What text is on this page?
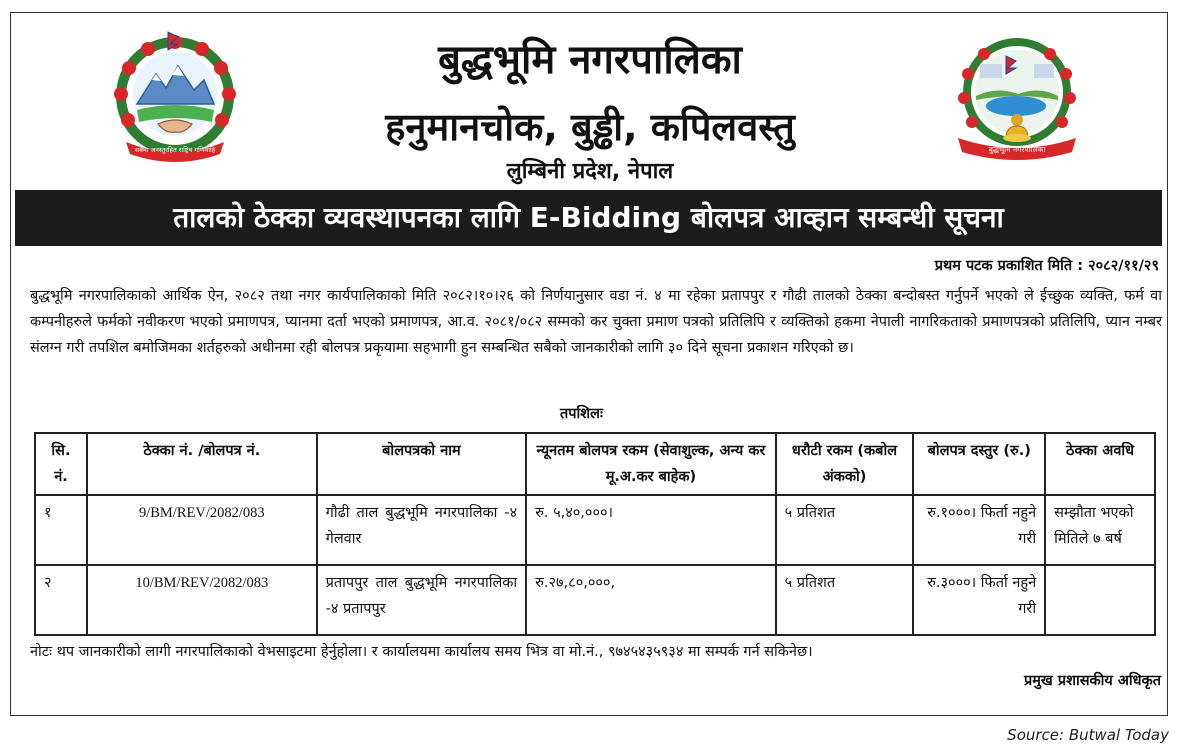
सबैमा जनस्तुरहित राष्ट्रिय गणिमाहि	बुद्धभूमि नगरपालिका
बुद्धभूमि नगरपालिका
हनुमानचोक, बुड्ढी, कपिलवस्तु
लुम्बिनी प्रदेश, नेपाल
तालको ठेक्का व्यवस्थापनका लागि E-Bidding बोलपत्र आव्हान सम्बन्धी सूचना
प्रथम पटक प्रकाशित मिति : २०८२/११/२९
बुद्धभूमि नगरपालिकाको आर्थिक ऐन, २०८२ तथा नगर कार्यपालिकाको मिति २०८२।१०।२६ को निर्णयानुसार वडा नं. ४ मा रहेका प्रतापपुर र गौढी तालको ठेक्का बन्दोबस्त गर्नुपर्ने भएको ले ईच्छुक व्यक्ति, फर्म वा कम्पनीहरुले फर्मको नवीकरण भएको प्रमाणपत्र, प्यानमा दर्ता भएको प्रमाणपत्र, आ.व. २०८१/०८२ सम्मको कर चुक्ता प्रमाण पत्रको प्रतिलिपि र व्यक्तिको हकमा नेपाली नागरिकताको प्रमाणपत्रको प्रतिलिपि, प्यान नम्बर संलग्न गरी तपशिल बमोजिमका शर्तहरुको अधीनमा रही बोलपत्र प्रकृयामा सहभागी हुन सम्बन्धित सबैको जानकारीको लागि ३० दिने सूचना प्रकाशन गरिएको छ।
तपशिलः
सि. नं.	ठेक्का नं. /बोलपत्र नं.	बोलपत्रको नाम	न्यूनतम बोलपत्र रकम (सेवाशुल्क, अन्य कर मू.अ.कर बाहेक)	धरौटी रकम (कबोल अंकको)	बोलपत्र दस्तुर (रु.)	ठेक्का अवधि
१	9/BM/REV/2082/083	गौढी ताल बुद्धभूमि नगरपालिका -४ गेलवार	रु. ५,४०,०००।	५ प्रतिशत	रु.१०००। फिर्ता नहुने गरी	सम्झौता भएको मितिले ७ बर्ष
२	10/BM/REV/2082/083	प्रतापपुर ताल बुद्धभूमि नगरपालिका -४ प्रतापपुर	रु.२७,८०,०००,	५ प्रतिशत	रु.३०००। फिर्ता नहुने गरी	
नोटः थप जानकारीको लागी नगरपालिकाको वेभसाइटमा हेर्नुहोला। र कार्यालयमा कार्यालय समय भित्र वा मो.नं., ९७४५४३५९३४ मा सम्पर्क गर्न सकिनेछ।
प्रमुख प्रशासकीय अधिकृत
Source: Butwal Today
